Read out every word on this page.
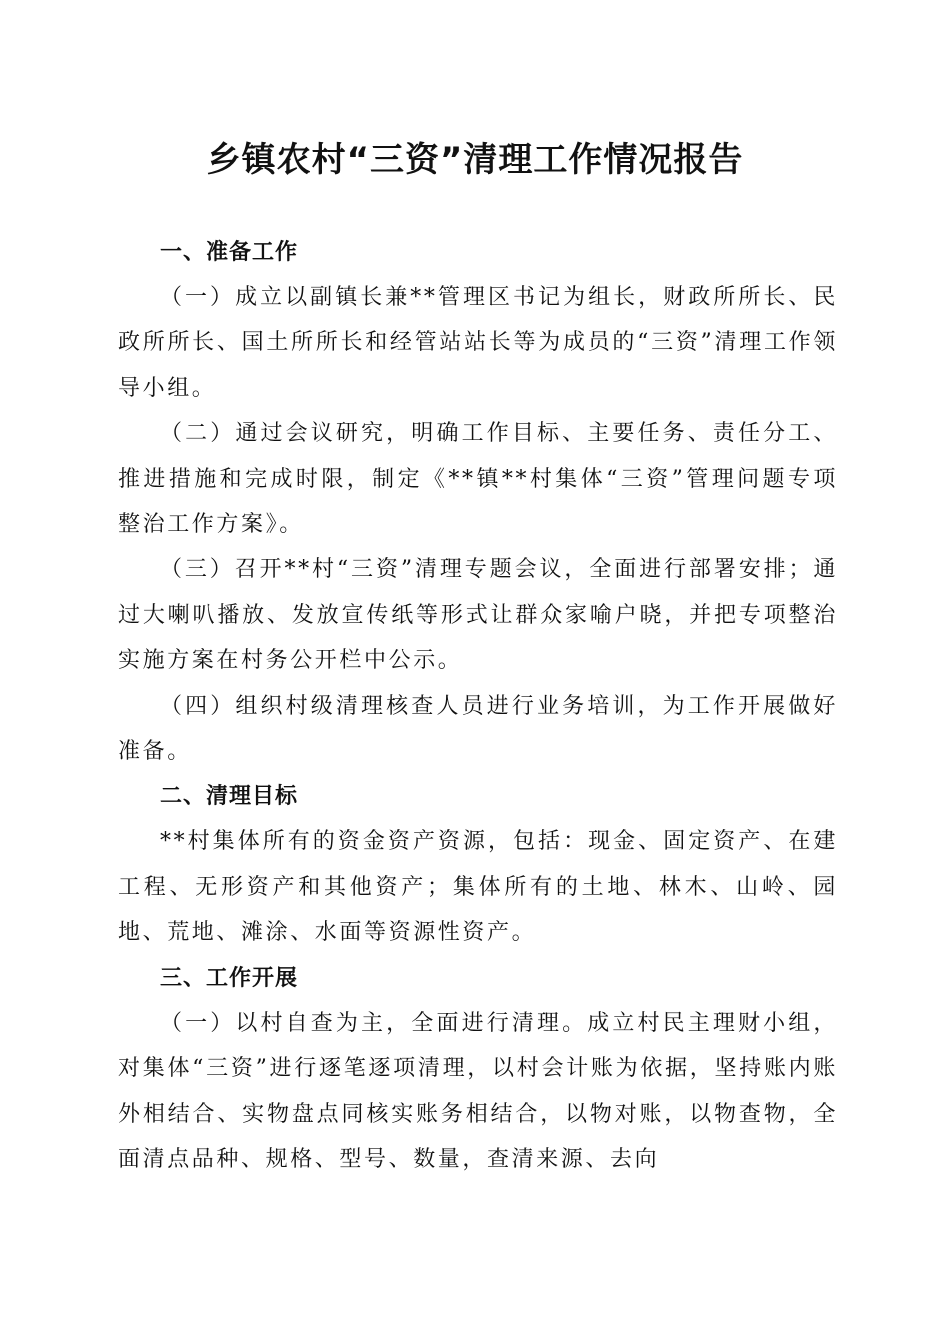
乡镇农村“三资”清理工作情况报告
一、准备工作

（一）成立以副镇长兼**管理区书记为组长，财政所所长、民政所所长、国土所所长和经管站站长等为成员的“三资”清理工作领导小组。

（二）通过会议研究，明确工作目标、主要任务、责任分工、推进措施和完成时限，制定《**镇**村集体“三资”管理问题专项整治工作方案》。

（三）召开**村“三资”清理专题会议，全面进行部署安排；通过大喇叭播放、发放宣传纸等形式让群众家喻户晓，并把专项整治实施方案在村务公开栏中公示。

（四）组织村级清理核查人员进行业务培训，为工作开展做好准备。

二、清理目标

**村集体所有的资金资产资源，包括：现金、固定资产、在建工程、无形资产和其他资产；集体所有的土地、林木、山岭、园地、荒地、滩涂、水面等资源性资产。

三、工作开展

（一）以村自查为主，全面进行清理。成立村民主理财小组，对集体“三资”进行逐笔逐项清理，以村会计账为依据，坚持账内账外相结合、实物盘点同核实账务相结合，以物对账，以物查物，全面清点品种、规格、型号、数量，查清来源、去向
